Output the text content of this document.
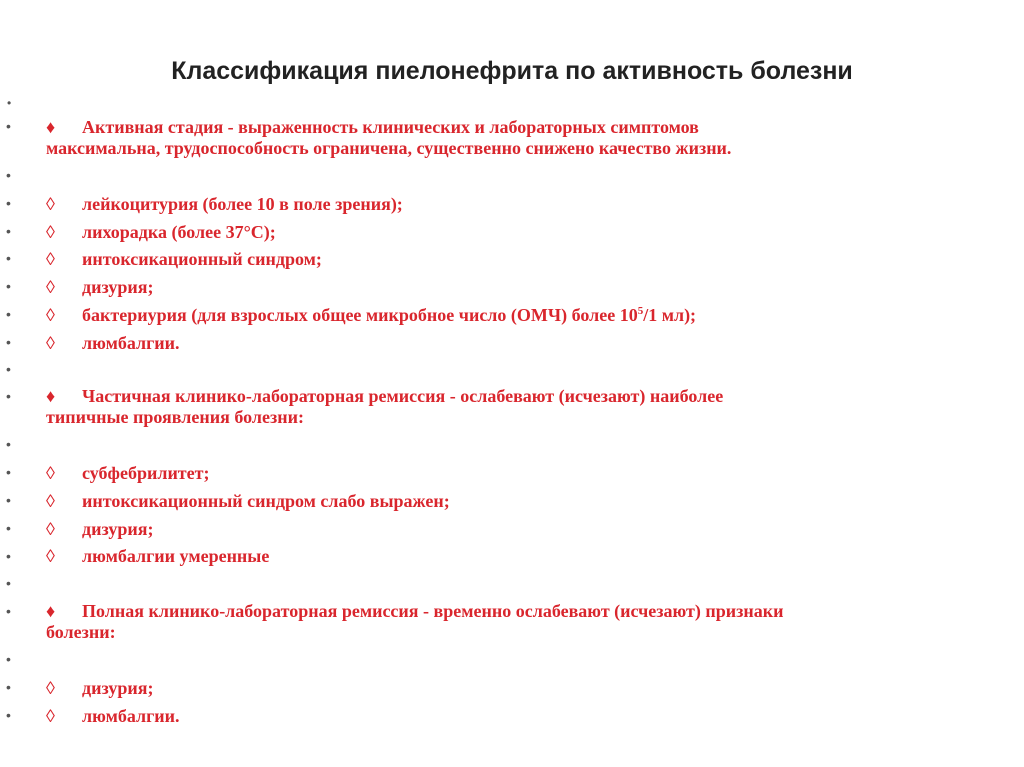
Классификация пиелонефрита по активность болезни
•
• ♦ Активная стадия - выраженность клинических и лабораторных симптомов
максимальна, трудоспособность ограничена, существенно снижено качество жизни.
•
• ◊ лейкоцитурия (более 10 в поле зрения);
• ◊ лихорадка (более 37°С);
• ◊ интоксикационный синдром;
• ◊ дизурия;
• ◊ бактериурия (для взрослых общее микробное число (ОМЧ) более $10^5/1$ мл);
• ◊ люмбалгии.
•
• ♦ Частичная клинико-лабораторная ремиссия - ослабевают (исчезают) наиболее
типичные проявления болезни:
•
• ◊ субфебрилитет;
• ◊ интоксикационный синдром слабо выражен;
• ◊ дизурия;
• ◊ люмбалгии умеренные
•
• ♦ Полная клинико-лабораторная ремиссия - временно ослабевают (исчезают) признаки
болезни:
•
• ◊ дизурия;
• ◊ люмбалгии.
